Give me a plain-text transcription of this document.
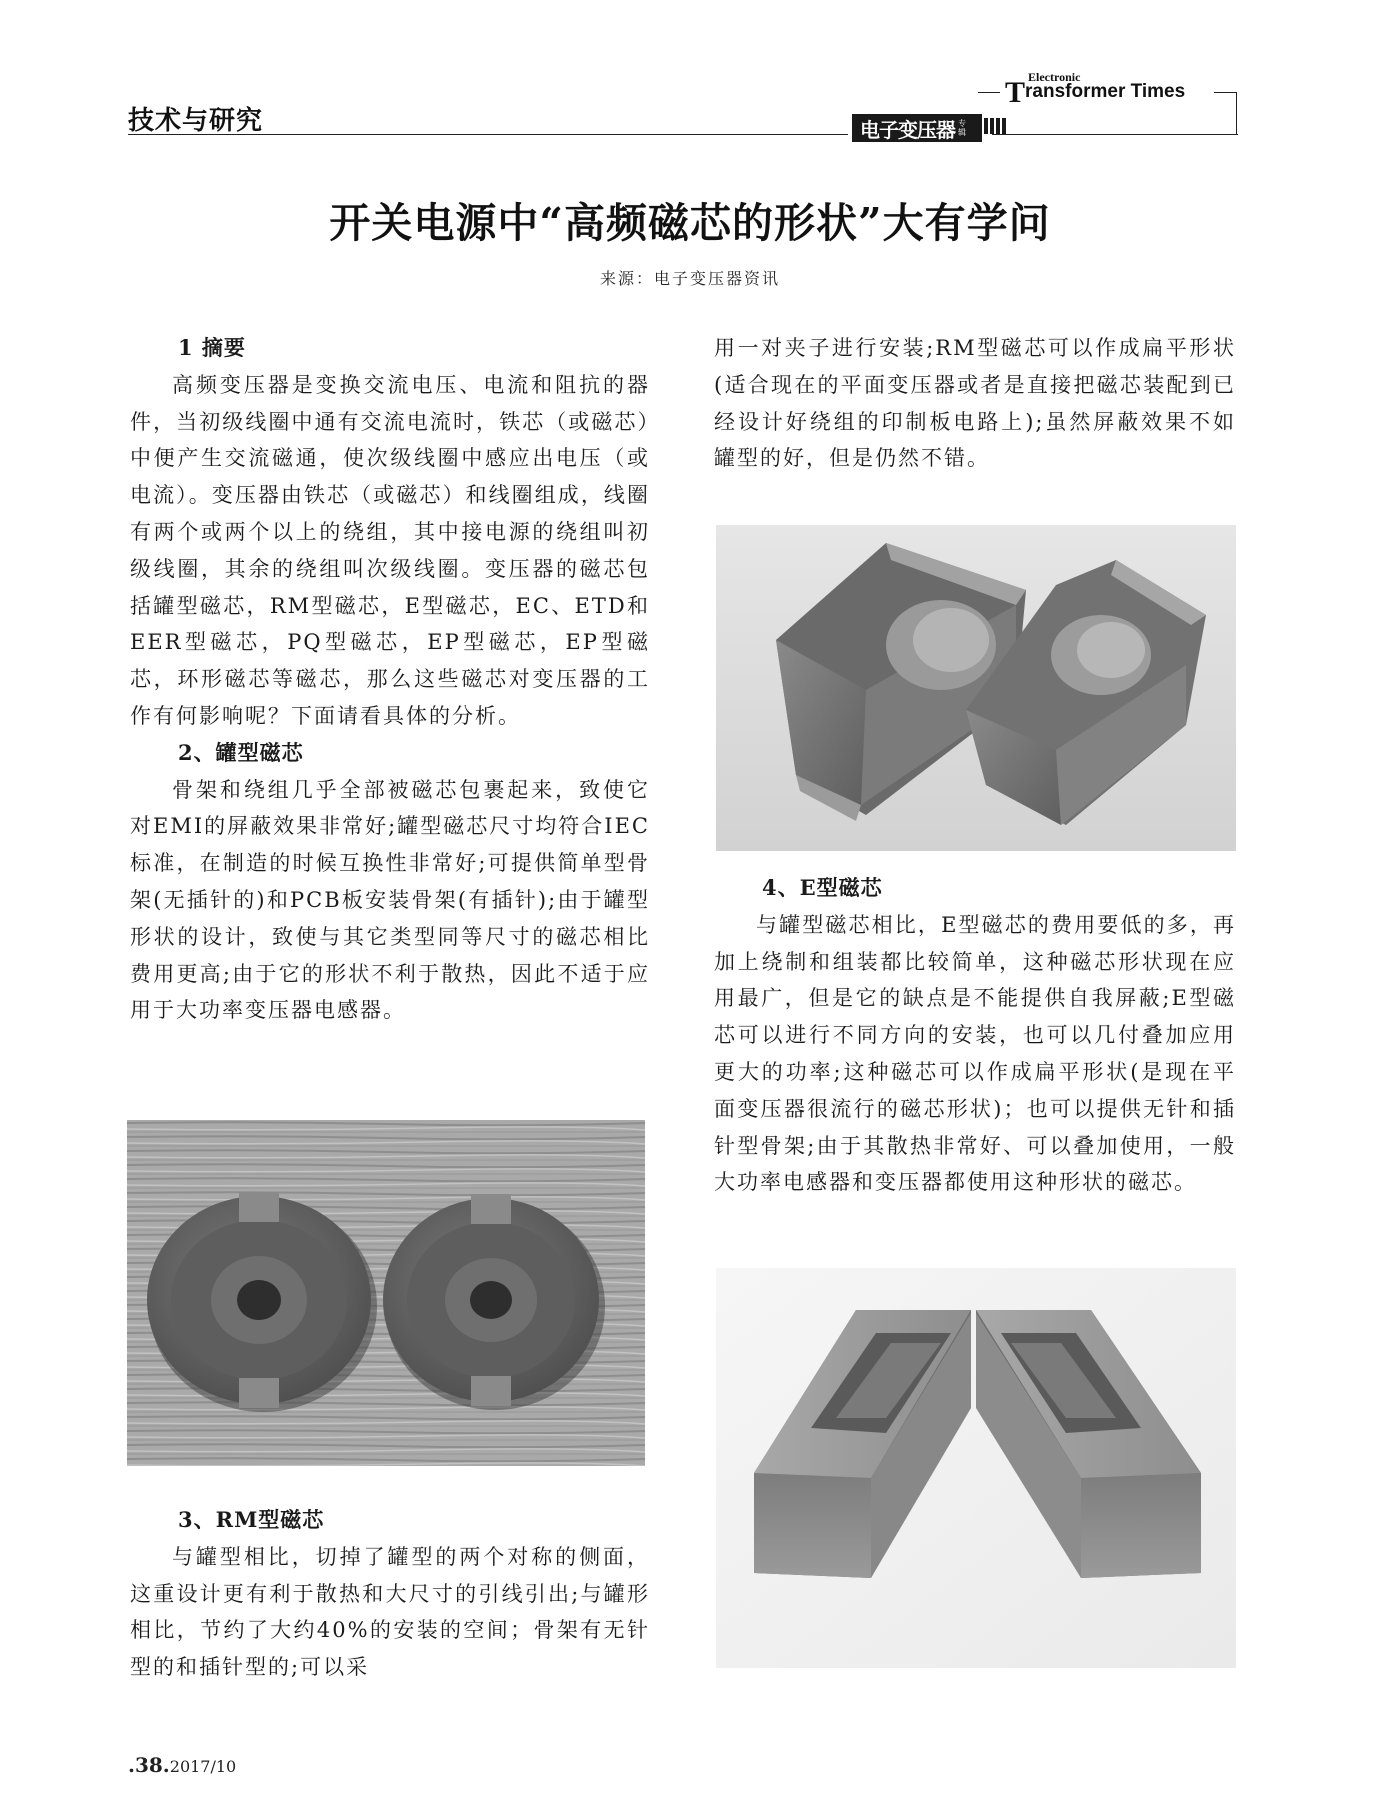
技术与研究
Electronic
Transformer Times
电子变压器 专辑
开关电源中“高频磁芯的形状”大有学问
来源：电子变压器资讯
1 摘要

高频变压器是变换交流电压、电流和阻抗的器件，当初级线圈中通有交流电流时，铁芯（或磁芯）中便产生交流磁通，使次级线圈中感应出电压（或电流）。变压器由铁芯（或磁芯）和线圈组成，线圈有两个或两个以上的绕组，其中接电源的绕组叫初级线圈，其余的绕组叫次级线圈。变压器的磁芯包括罐型磁芯，RM型磁芯，E型磁芯，EC、ETD和EER型磁芯，PQ型磁芯，EP型磁芯，EP型磁芯，环形磁芯等磁芯，那么这些磁芯对变压器的工作有何影响呢？下面请看具体的分析。

2、罐型磁芯

骨架和绕组几乎全部被磁芯包裹起来，致使它对EMI的屏蔽效果非常好;罐型磁芯尺寸均符合IEC标准，在制造的时候互换性非常好;可提供简单型骨架(无插针的)和PCB板安装骨架(有插针);由于罐型形状的设计，致使与其它类型同等尺寸的磁芯相比费用更高;由于它的形状不利于散热，因此不适于应用于大功率变压器电感器。

3、RM型磁芯

与罐型相比，切掉了罐型的两个对称的侧面，这重设计更有利于散热和大尺寸的引线引出;与罐形相比，节约了大约40%的安装的空间；骨架有无针型的和插针型的;可以采

用一对夹子进行安装;RM型磁芯可以作成扁平形状(适合现在的平面变压器或者是直接把磁芯装配到已经设计好绕组的印制板电路上);虽然屏蔽效果不如罐型的好，但是仍然不错。

4、E型磁芯

与罐型磁芯相比，E型磁芯的费用要低的多，再加上绕制和组装都比较简单，这种磁芯形状现在应用最广，但是它的缺点是不能提供自我屏蔽;E型磁芯可以进行不同方向的安装，也可以几付叠加应用更大的功率;这种磁芯可以作成扁平形状(是现在平面变压器很流行的磁芯形状)；也可以提供无针和插针型骨架;由于其散热非常好、可以叠加使用，一般大功率电感器和变压器都使用这种形状的磁芯。

.38.2017/10
